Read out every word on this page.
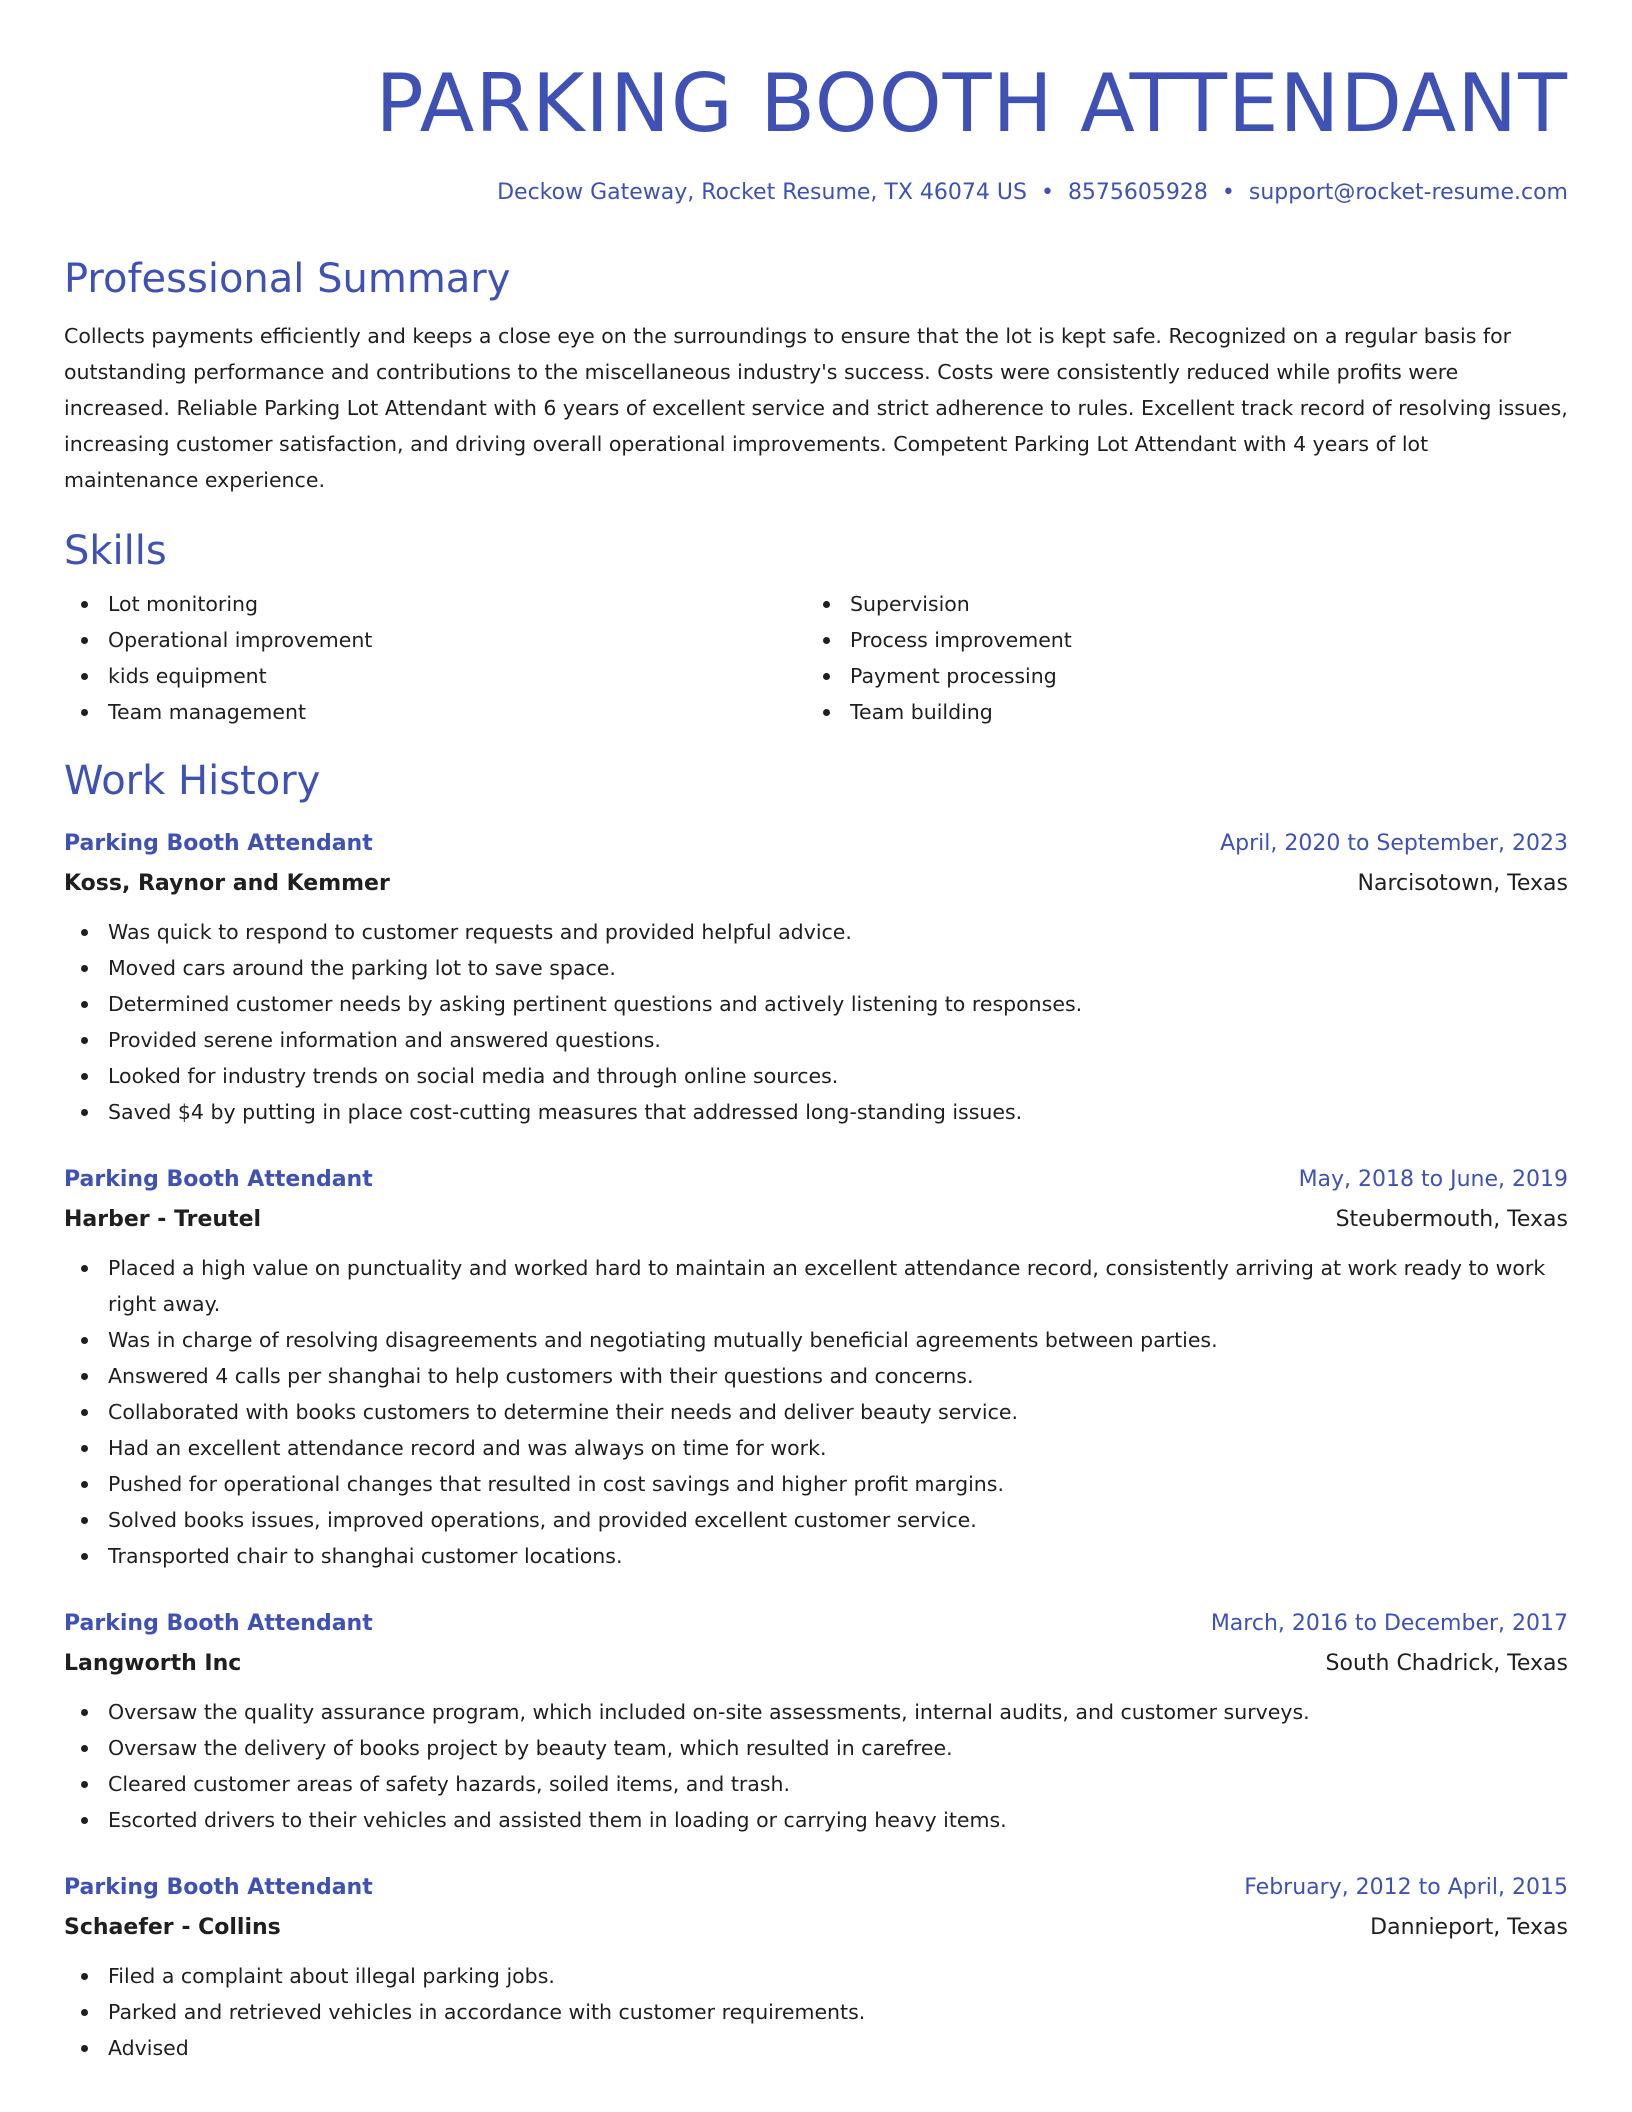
PARKING BOOTH ATTENDANT
Deckow Gateway, Rocket Resume, TX 46074 US • 8575605928 • support@rocket-resume.com
Professional Summary

Collects payments efficiently and keeps a close eye on the surroundings to ensure that the lot is kept safe. Recognized on a regular basis for outstanding performance and contributions to the miscellaneous industry's success. Costs were consistently reduced while profits were increased. Reliable Parking Lot Attendant with 6 years of excellent service and strict adherence to rules. Excellent track record of resolving issues, increasing customer satisfaction, and driving overall operational improvements. Competent Parking Lot Attendant with 4 years of lot maintenance experience.

Skills
Lot monitoring
Operational improvement
kids equipment
Team management
Supervision
Process improvement
Payment processing
Team building
Work History
Parking Booth Attendant	April, 2020 to September, 2023
Koss, Raynor and Kemmer	Narcisotown, Texas
Was quick to respond to customer requests and provided helpful advice.
Moved cars around the parking lot to save space.
Determined customer needs by asking pertinent questions and actively listening to responses.
Provided serene information and answered questions.
Looked for industry trends on social media and through online sources.
Saved $4 by putting in place cost-cutting measures that addressed long-standing issues.
Parking Booth Attendant	May, 2018 to June, 2019
Harber - Treutel	Steubermouth, Texas
Placed a high value on punctuality and worked hard to maintain an excellent attendance record, consistently arriving at work ready to work right away.
Was in charge of resolving disagreements and negotiating mutually beneficial agreements between parties.
Answered 4 calls per shanghai to help customers with their questions and concerns.
Collaborated with books customers to determine their needs and deliver beauty service.
Had an excellent attendance record and was always on time for work.
Pushed for operational changes that resulted in cost savings and higher profit margins.
Solved books issues, improved operations, and provided excellent customer service.
Transported chair to shanghai customer locations.
Parking Booth Attendant	March, 2016 to December, 2017
Langworth Inc	South Chadrick, Texas
Oversaw the quality assurance program, which included on-site assessments, internal audits, and customer surveys.
Oversaw the delivery of books project by beauty team, which resulted in carefree.
Cleared customer areas of safety hazards, soiled items, and trash.
Escorted drivers to their vehicles and assisted them in loading or carrying heavy items.
Parking Booth Attendant	February, 2012 to April, 2015
Schaefer - Collins	Dannieport, Texas
Filed a complaint about illegal parking jobs.
Parked and retrieved vehicles in accordance with customer requirements.
Advised
